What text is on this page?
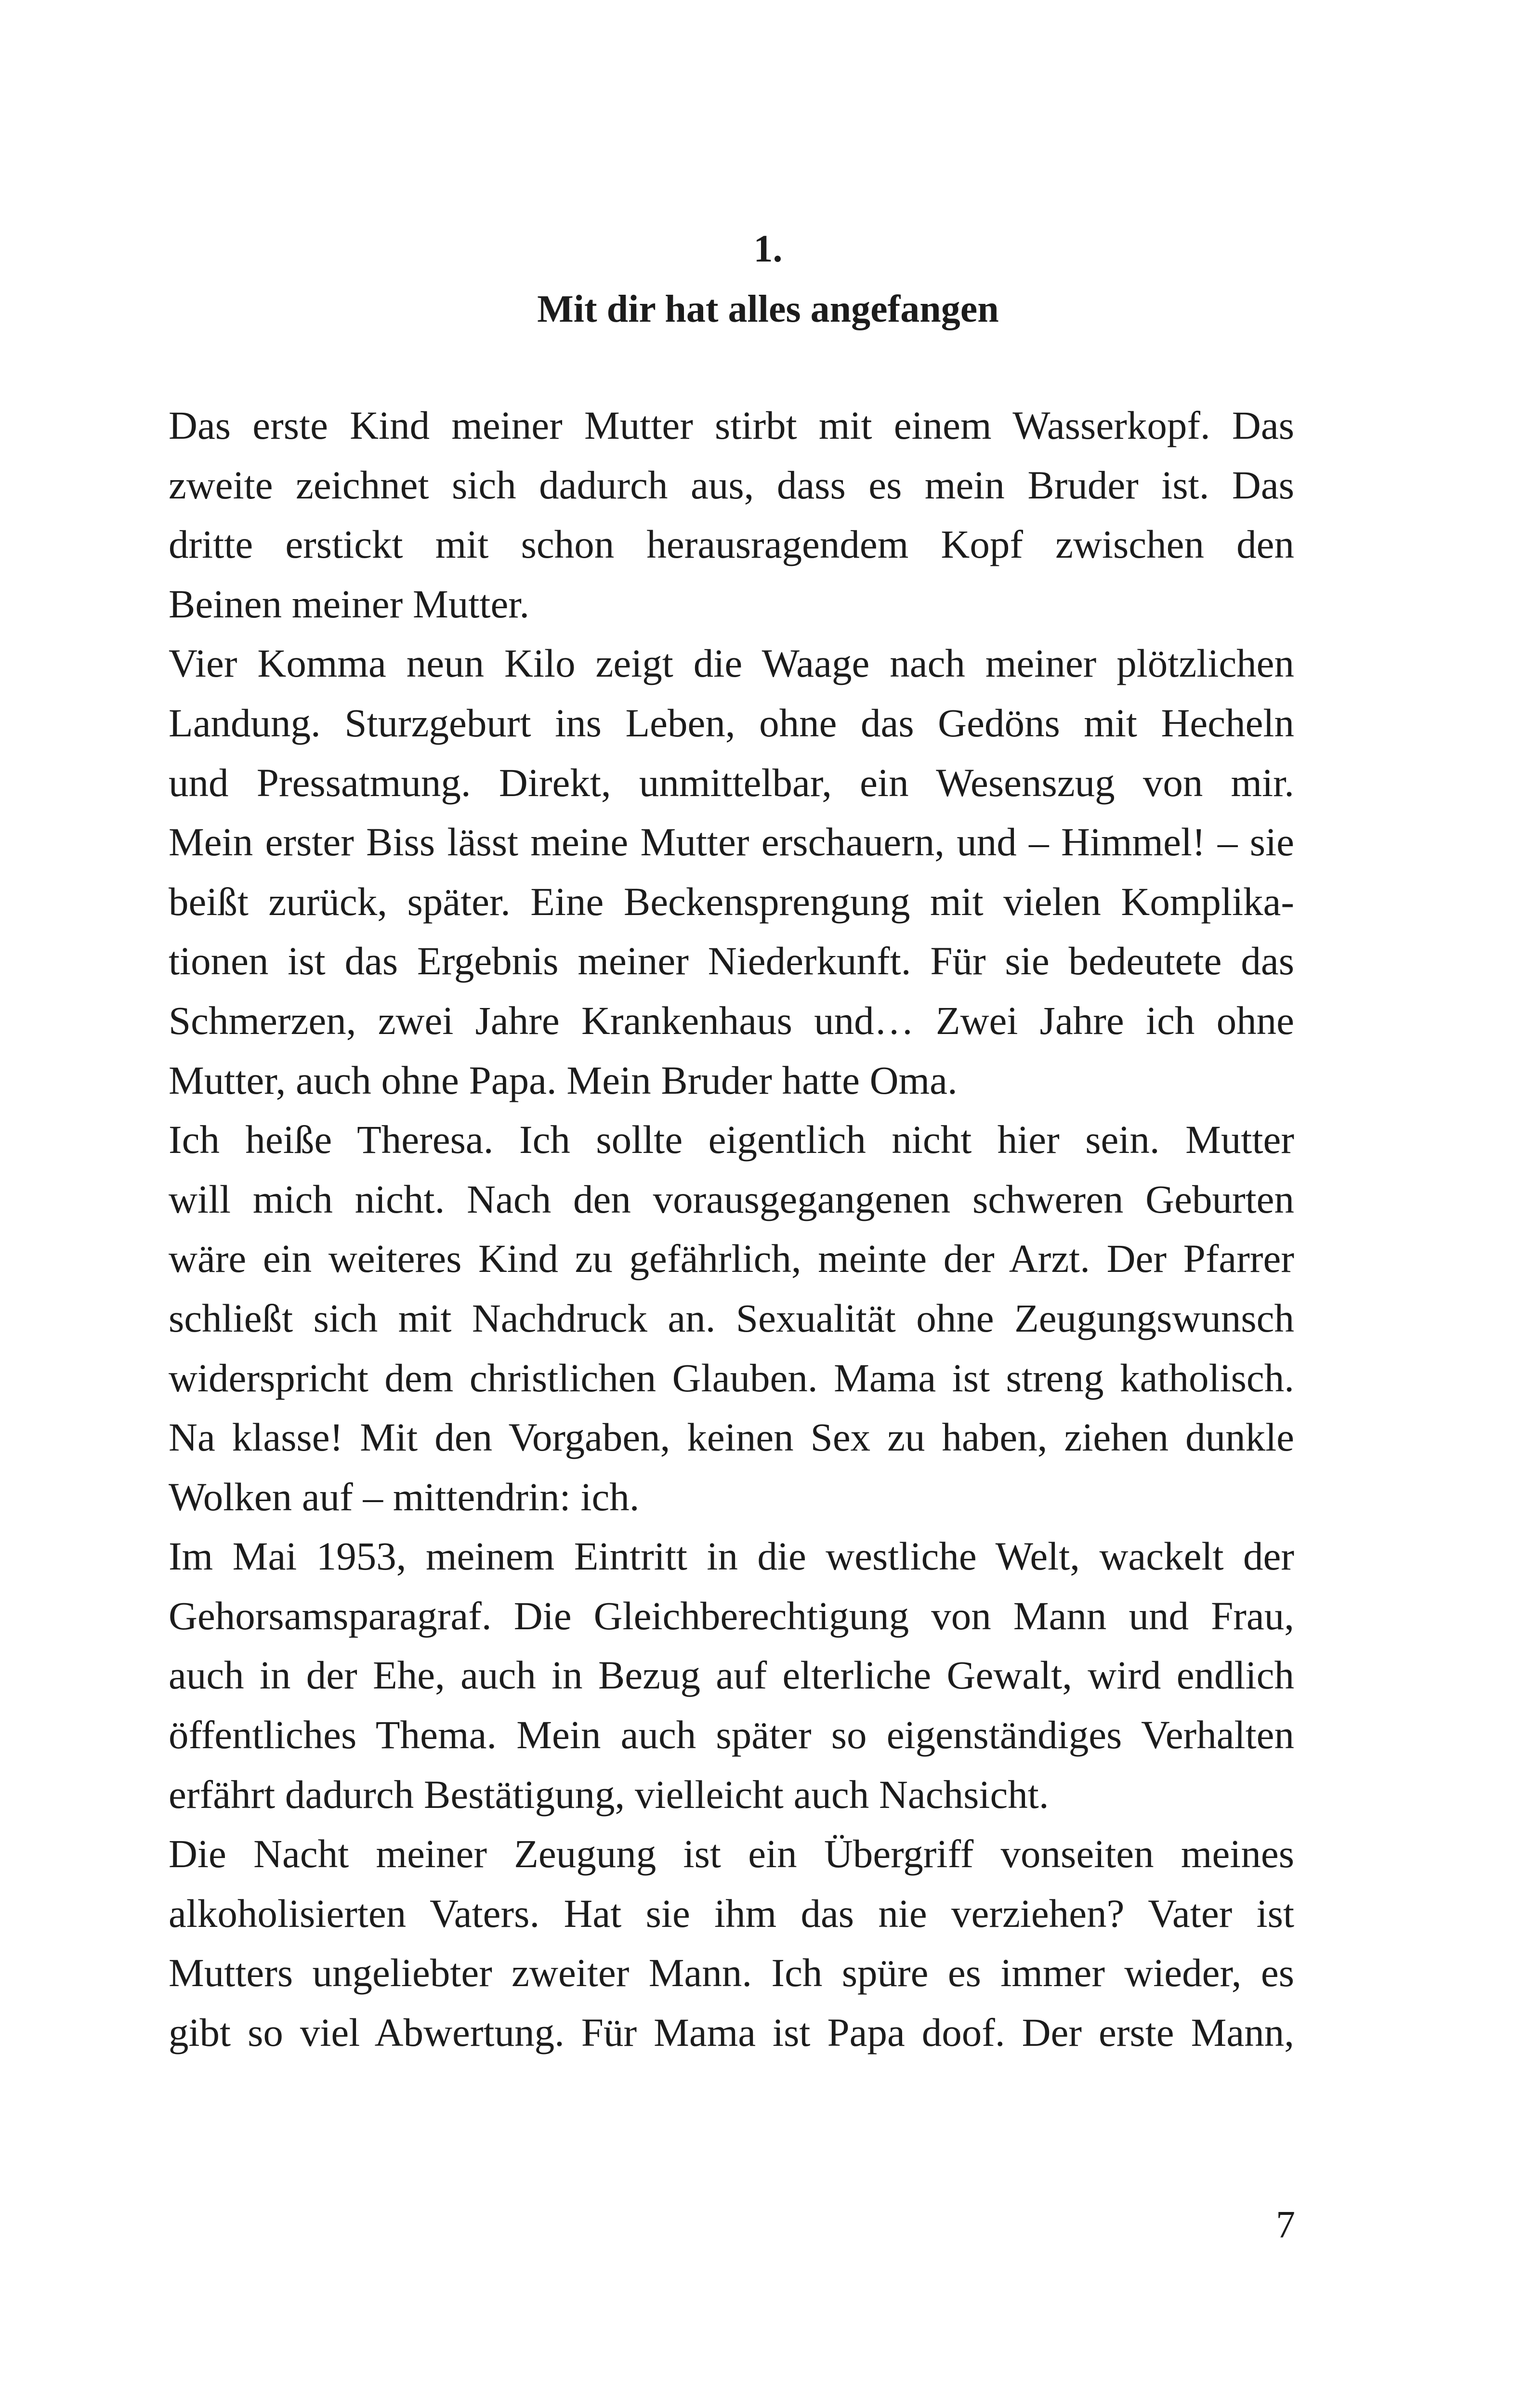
1.
Mit dir hat alles angefangen
Das erste Kind meiner Mutter stirbt mit einem Wasserkopf. Das
zweite zeichnet sich dadurch aus, dass es mein Bruder ist. Das
dritte erstickt mit schon herausragendem Kopf zwischen den
Beinen meiner Mutter.
Vier Komma neun Kilo zeigt die Waage nach meiner plötzlichen
Landung. Sturzgeburt ins Leben, ohne das Gedöns mit Hecheln
und Pressatmung. Direkt, unmittelbar, ein Wesenszug von mir.
Mein erster Biss lässt meine Mutter erschauern, und – Himmel! – sie
beißt zurück, später. Eine Beckensprengung mit vielen Komplika-
tionen ist das Ergebnis meiner Niederkunft. Für sie bedeutete das
Schmerzen, zwei Jahre Krankenhaus und… Zwei Jahre ich ohne
Mutter, auch ohne Papa. Mein Bruder hatte Oma.
Ich heiße Theresa. Ich sollte eigentlich nicht hier sein. Mutter
will mich nicht. Nach den vorausgegangenen schweren Geburten
wäre ein weiteres Kind zu gefährlich, meinte der Arzt. Der Pfarrer
schließt sich mit Nachdruck an. Sexualität ohne Zeugungswunsch
widerspricht dem christlichen Glauben. Mama ist streng katholisch.
Na klasse! Mit den Vorgaben, keinen Sex zu haben, ziehen dunkle
Wolken auf – mittendrin: ich.
Im Mai 1953, meinem Eintritt in die westliche Welt, wackelt der
Gehorsamsparagraf. Die Gleichberechtigung von Mann und Frau,
auch in der Ehe, auch in Bezug auf elterliche Gewalt, wird endlich
öffentliches Thema. Mein auch später so eigenständiges Verhalten
erfährt dadurch Bestätigung, vielleicht auch Nachsicht.
Die Nacht meiner Zeugung ist ein Übergriff vonseiten meines
alkoholisierten Vaters. Hat sie ihm das nie verziehen? Vater ist
Mutters ungeliebter zweiter Mann. Ich spüre es immer wieder, es
gibt so viel Abwertung. Für Mama ist Papa doof. Der erste Mann,
7
